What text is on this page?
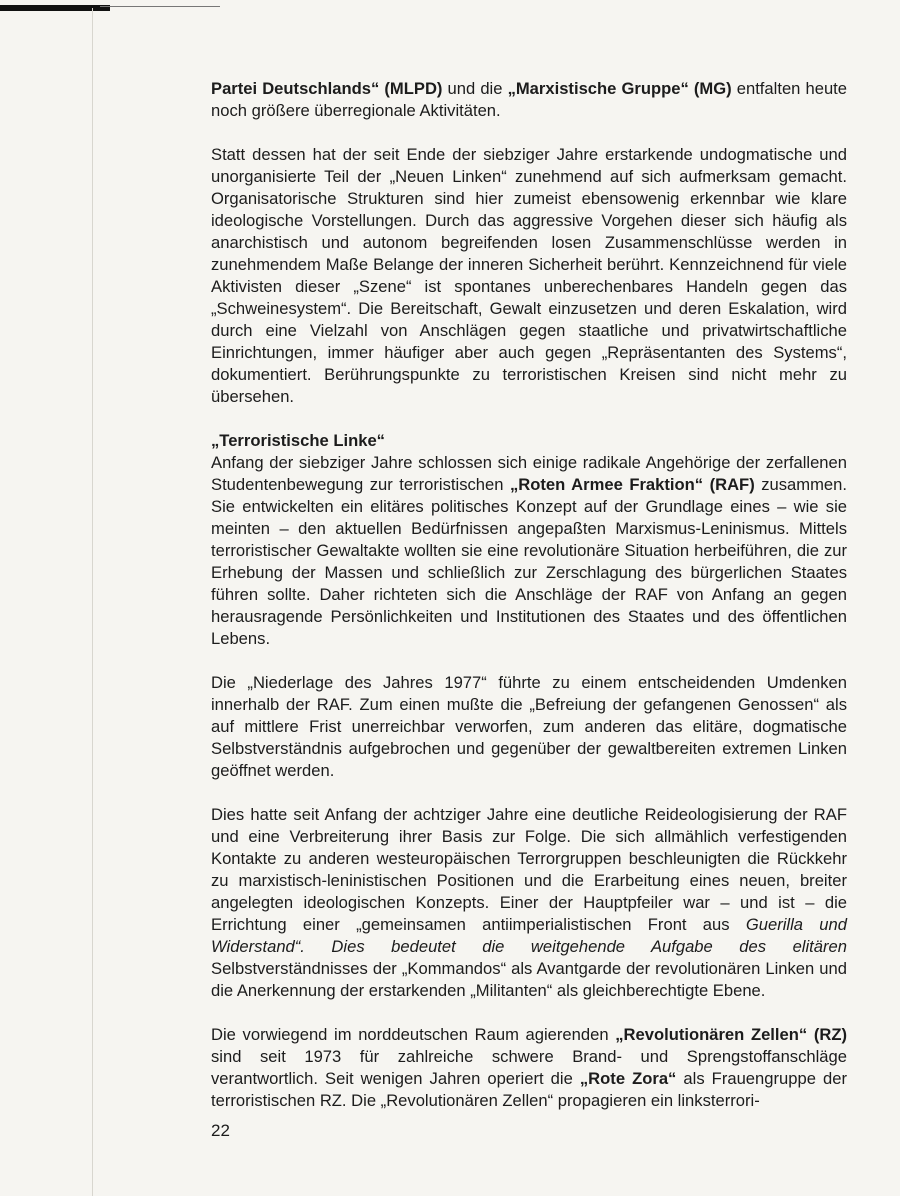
Partei Deutschlands“ (MLPD) und die „Marxistische Gruppe“ (MG) entfalten heute noch größere überregionale Aktivitäten.

Statt dessen hat der seit Ende der siebziger Jahre erstarkende undogmatische und unorganisierte Teil der „Neuen Linken“ zunehmend auf sich aufmerksam gemacht. Organisatorische Strukturen sind hier zumeist ebensowenig erkennbar wie klare ideologische Vorstellungen. Durch das aggressive Vorgehen dieser sich häufig als anarchistisch und autonom begreifenden losen Zusammenschlüsse werden in zunehmendem Maße Belange der inneren Sicherheit berührt. Kennzeichnend für viele Aktivisten dieser „Szene“ ist spontanes unberechenbares Handeln gegen das „Schweinesystem“. Die Bereitschaft, Gewalt einzusetzen und deren Eskalation, wird durch eine Vielzahl von Anschlägen gegen staatliche und privatwirtschaftliche Einrichtungen, immer häufiger aber auch gegen „Repräsentanten des Systems“, dokumentiert. Berührungspunkte zu terroristischen Kreisen sind nicht mehr zu übersehen.

„Terroristische Linke“

Anfang der siebziger Jahre schlossen sich einige radikale Angehörige der zerfallenen Studentenbewegung zur terroristischen „Roten Armee Fraktion“ (RAF) zusammen. Sie entwickelten ein elitäres politisches Konzept auf der Grundlage eines – wie sie meinten – den aktuellen Bedürfnissen angepaßten Marxismus-Leninismus. Mittels terroristischer Gewaltakte wollten sie eine revolutionäre Situation herbeiführen, die zur Erhebung der Massen und schließlich zur Zerschlagung des bürgerlichen Staates führen sollte. Daher richteten sich die Anschläge der RAF von Anfang an gegen herausragende Persönlichkeiten und Institutionen des Staates und des öffentlichen Lebens.

Die „Niederlage des Jahres 1977“ führte zu einem entscheidenden Umdenken innerhalb der RAF. Zum einen mußte die „Befreiung der gefangenen Genossen“ als auf mittlere Frist unerreichbar verworfen, zum anderen das elitäre, dogmatische Selbstverständnis aufgebrochen und gegenüber der gewaltbereiten extremen Linken geöffnet werden.

Dies hatte seit Anfang der achtziger Jahre eine deutliche Reideologisierung der RAF und eine Verbreiterung ihrer Basis zur Folge. Die sich allmählich verfestigenden Kontakte zu anderen westeuropäischen Terrorgruppen beschleunigten die Rückkehr zu marxistisch-leninistischen Positionen und die Erarbeitung eines neuen, breiter angelegten ideologischen Konzepts. Einer der Hauptpfeiler war – und ist – die Errichtung einer „gemeinsamen antiimperialistischen Front aus Guerilla und Widerstand“. Dies bedeutet die weitgehende Aufgabe des elitären Selbstverständnisses der „Kommandos“ als Avantgarde der revolutionären Linken und die Anerkennung der erstarkenden „Militanten“ als gleichberechtigte Ebene.

Die vorwiegend im norddeutschen Raum agierenden „Revolutionären Zellen“ (RZ) sind seit 1973 für zahlreiche schwere Brand- und Sprengstoffanschläge verantwortlich. Seit wenigen Jahren operiert die „Rote Zora“ als Frauengruppe der terroristischen RZ. Die „Revolutionären Zellen“ propagieren ein linksterrori-

22
